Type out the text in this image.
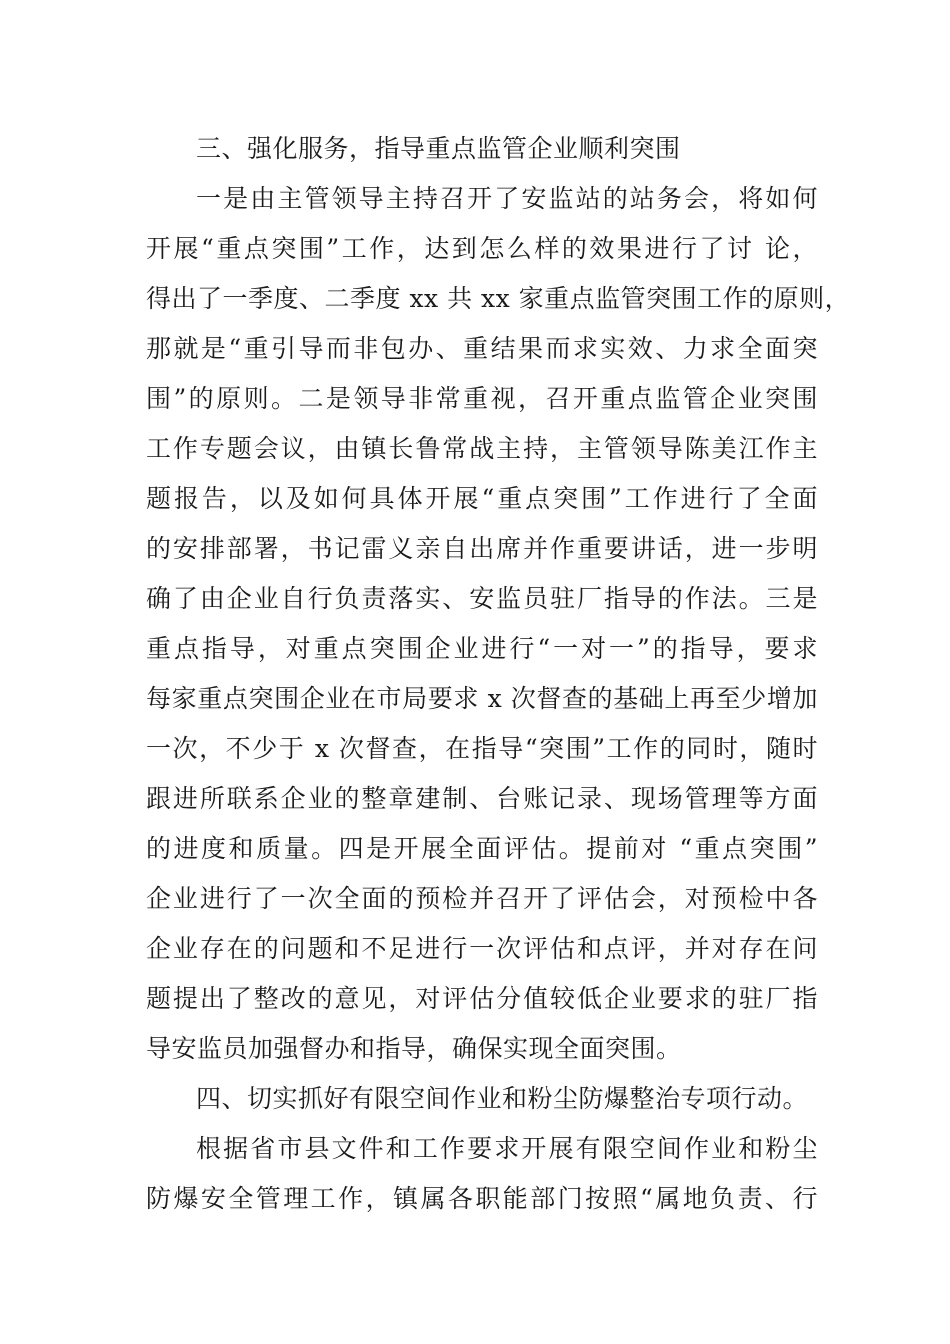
三、强化服务，指导重点监管企业顺利突围
一是由主管领导主持召开了安监站的站务会，将如何
开展“重点突围”工作，达到怎么样的效果进行了讨 论，
得出了一季度、二季度 xx 共 xx 家重点监管突围工作的原则，
那就是“重引导而非包办、重结果而求实效、力求全面突
围”的原则。二是领导非常重视，召开重点监管企业突围
工作专题会议，由镇长鲁常战主持，主管领导陈美江作主
题报告，以及如何具体开展“重点突围”工作进行了全面
的安排部署，书记雷义亲自出席并作重要讲话，进一步明
确了由企业自行负责落实、安监员驻厂指导的作法。三是
重点指导，对重点突围企业进行“一对一”的指导，要求
每家重点突围企业在市局要求 x 次督查的基础上再至少增加
一次，不少于 x 次督查，在指导“突围”工作的同时，随时
跟进所联系企业的整章建制、台账记录、现场管理等方面
的进度和质量。四是开展全面评估。提前对 “重点突围”
企业进行了一次全面的预检并召开了评估会，对预检中各
企业存在的问题和不足进行一次评估和点评，并对存在问
题提出了整改的意见，对评估分值较低企业要求的驻厂指
导安监员加强督办和指导，确保实现全面突围。
四、切实抓好有限空间作业和粉尘防爆整治专项行动。
根据省市县文件和工作要求开展有限空间作业和粉尘
防爆安全管理工作，镇属各职能部门按照“属地负责、行
